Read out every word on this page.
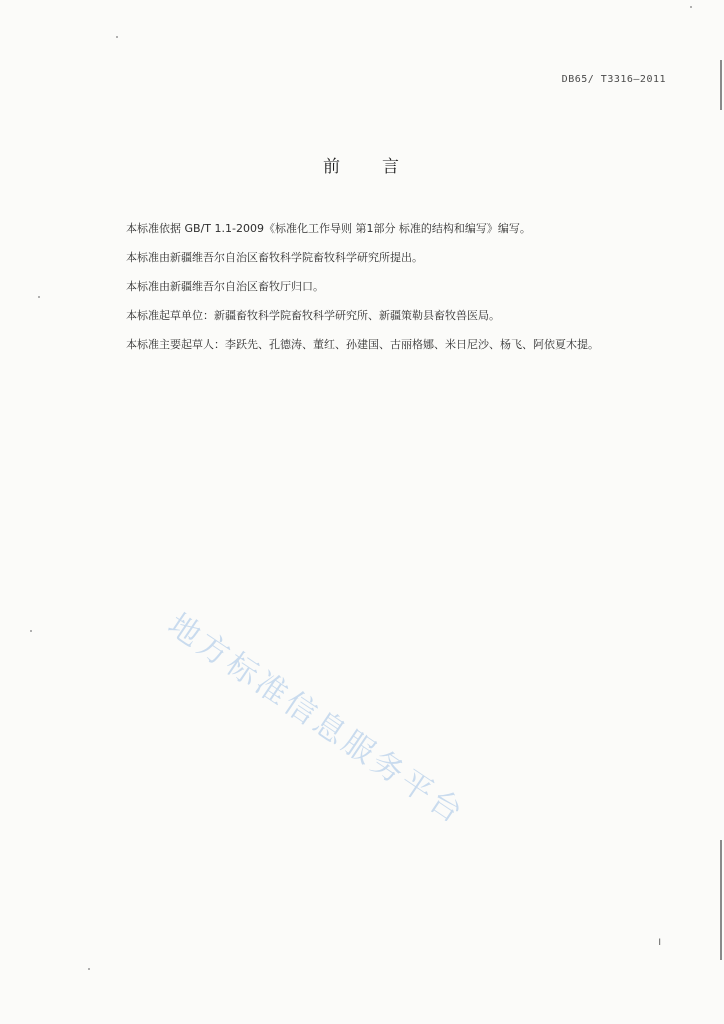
DB65/ T3316—2011
前 言

本标准依据 GB/T 1.1-2009《标准化工作导则 第1部分 标准的结构和编写》编写。

本标准由新疆维吾尔自治区畜牧科学院畜牧科学研究所提出。

本标准由新疆维吾尔自治区畜牧厅归口。

本标准起草单位：新疆畜牧科学院畜牧科学研究所、新疆策勒县畜牧兽医局。

本标准主要起草人：李跃先、孔德涛、董红、孙建国、古丽格娜、米日尼沙、杨飞、阿依夏木提。

地方标准信息服务平台
I
